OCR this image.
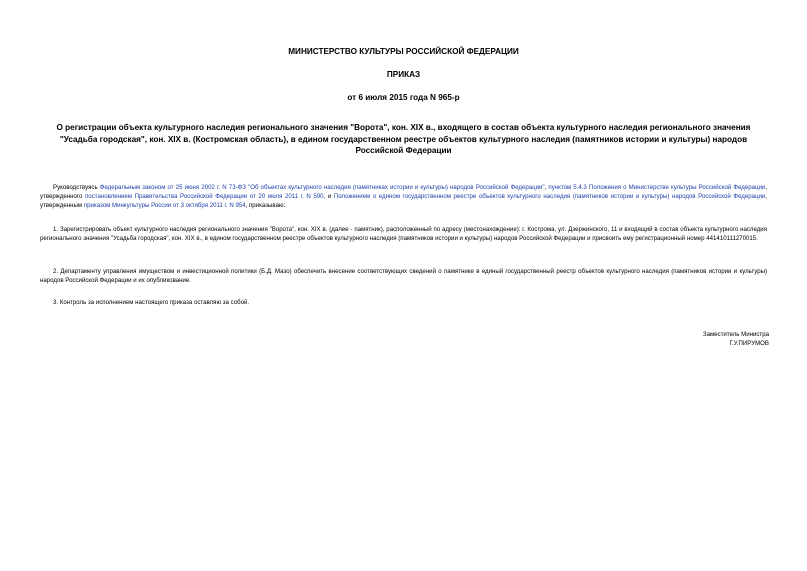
МИНИСТЕРСТВО КУЛЬТУРЫ РОССИЙСКОЙ ФЕДЕРАЦИИ

ПРИКАЗ

от 6 июля 2015 года N 965-р

О регистрации объекта культурного наследия регионального значения "Ворота", кон. XIX в., входящего в состав объекта культурного наследия регионального значения "Усадьба городская", кон. XIX в. (Костромская область), в едином государственном реестре объектов культурного наследия (памятников истории и культуры) народов Российской Федерации

Руководствуясь Федеральным законом от 25 июня 2002 г. N 73-ФЗ "Об объектах культурного наследия (памятниках истории и культуры) народов Российской Федерации", пунктом 5.4.3 Положения о Министерстве культуры Российской Федерации, утвержденного постановлением Правительства Российской Федерации от 20 июля 2011 г. N 590, и Положением о едином государственном реестре объектов культурного наследия (памятников истории и культуры) народов Российской Федерации, утвержденным приказом Минкультуры России от 3 октября 2011 г. N 954, приказываю:

1. Зарегистрировать объект культурного наследия регионального значения "Ворота", кон. XIX в. (далее - памятник), расположенный по адресу (местонахождение): г. Кострома, ул. Дзержинского, 11 и входящий в состав объекта культурного наследия регионального значения "Усадьба городская", кон. XIX в., в едином государственном реестре объектов культурного наследия (памятников истории и культуры) народов Российской Федерации и присвоить ему регистрационный номер 441410111270015.

2. Департаменту управления имуществом и инвестиционной политики (Б.Д. Мазо) обеспечить внесение соответствующих сведений о памятнике в единый государственный реестр объектов культурного наследия (памятников истории и культуры) народов Российской Федерации и их опубликование.

3. Контроль за исполнением настоящего приказа оставляю за собой.

Заместитель Министра

Г.У.ПИРУМОВ
